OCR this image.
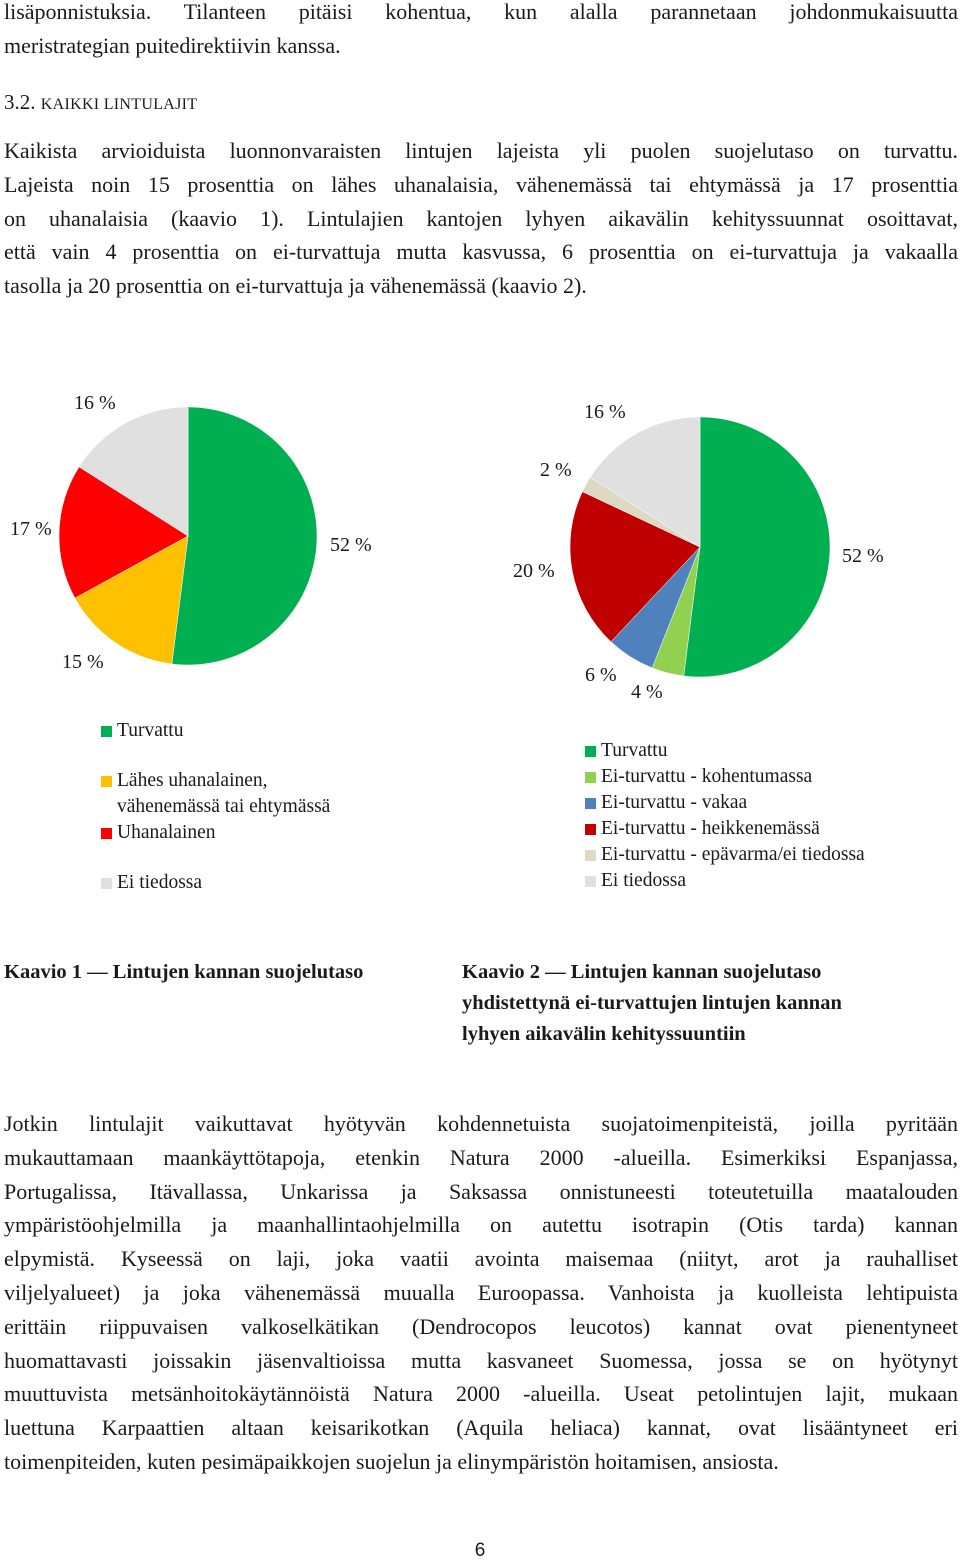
lisäponnistuksia. Tilanteen pitäisi kohentua, kun alalla parannetaan johdonmukaisuutta
meristrategian puitedirektiivin kanssa.
3.2. KAIKKI LINTULAJIT
Kaikista arvioiduista luonnonvaraisten lintujen lajeista yli puolen suojelutaso on turvattu.
Lajeista noin 15 prosenttia on lähes uhanalaisia, vähenemässä tai ehtymässä ja 17 prosenttia
on uhanalaisia (kaavio 1). Lintulajien kantojen lyhyen aikavälin kehityssuunnat osoittavat,
että vain 4 prosenttia on ei-turvattuja mutta kasvussa, 6 prosenttia on ei-turvattuja ja vakaalla
tasolla ja 20 prosenttia on ei-turvattuja ja vähenemässä (kaavio 2).
16 %
17 %
52 %
15 %
Turvattu
Lähes uhanalainen,
vähenemässä tai ehtymässä
Uhanalainen
Ei tiedossa
16 %
2 %
20 %
52 %
6 %
4 %
Turvattu
Ei-turvattu - kohentumassa
Ei-turvattu - vakaa
Ei-turvattu - heikkenemässä
Ei-turvattu - epävarma/ei tiedossa
Ei tiedossa

Kaavio 1 — Lintujen kannan suojelutaso	Kaavio 2 — Lintujen kannan suojelutaso
yhdistettynä ei-turvattujen lintujen kannan
lyhyen aikavälin kehityssuuntiin
Jotkin lintulajit vaikuttavat hyötyvän kohdennetuista suojatoimenpiteistä, joilla pyritään
mukauttamaan maankäyttötapoja, etenkin Natura 2000 -alueilla. Esimerkiksi Espanjassa,
Portugalissa, Itävallassa, Unkarissa ja Saksassa onnistuneesti toteutetuilla maatalouden
ympäristöohjelmilla ja maanhallintaohjelmilla on autettu isotrapin (Otis tarda) kannan
elpymistä. Kyseessä on laji, joka vaatii avointa maisemaa (niityt, arot ja rauhalliset
viljelyalueet) ja joka vähenemässä muualla Euroopassa. Vanhoista ja kuolleista lehtipuista
erittäin riippuvaisen valkoselkätikan (Dendrocopos leucotos) kannat ovat pienentyneet
huomattavasti joissakin jäsenvaltioissa mutta kasvaneet Suomessa, jossa se on hyötynyt
muuttuvista metsänhoitokäytännöistä Natura 2000 -alueilla. Useat petolintujen lajit, mukaan
luettuna Karpaattien altaan keisarikotkan (Aquila heliaca) kannat, ovat lisääntyneet eri
toimenpiteiden, kuten pesimäpaikkojen suojelun ja elinympäristön hoitamisen, ansiosta.
6
